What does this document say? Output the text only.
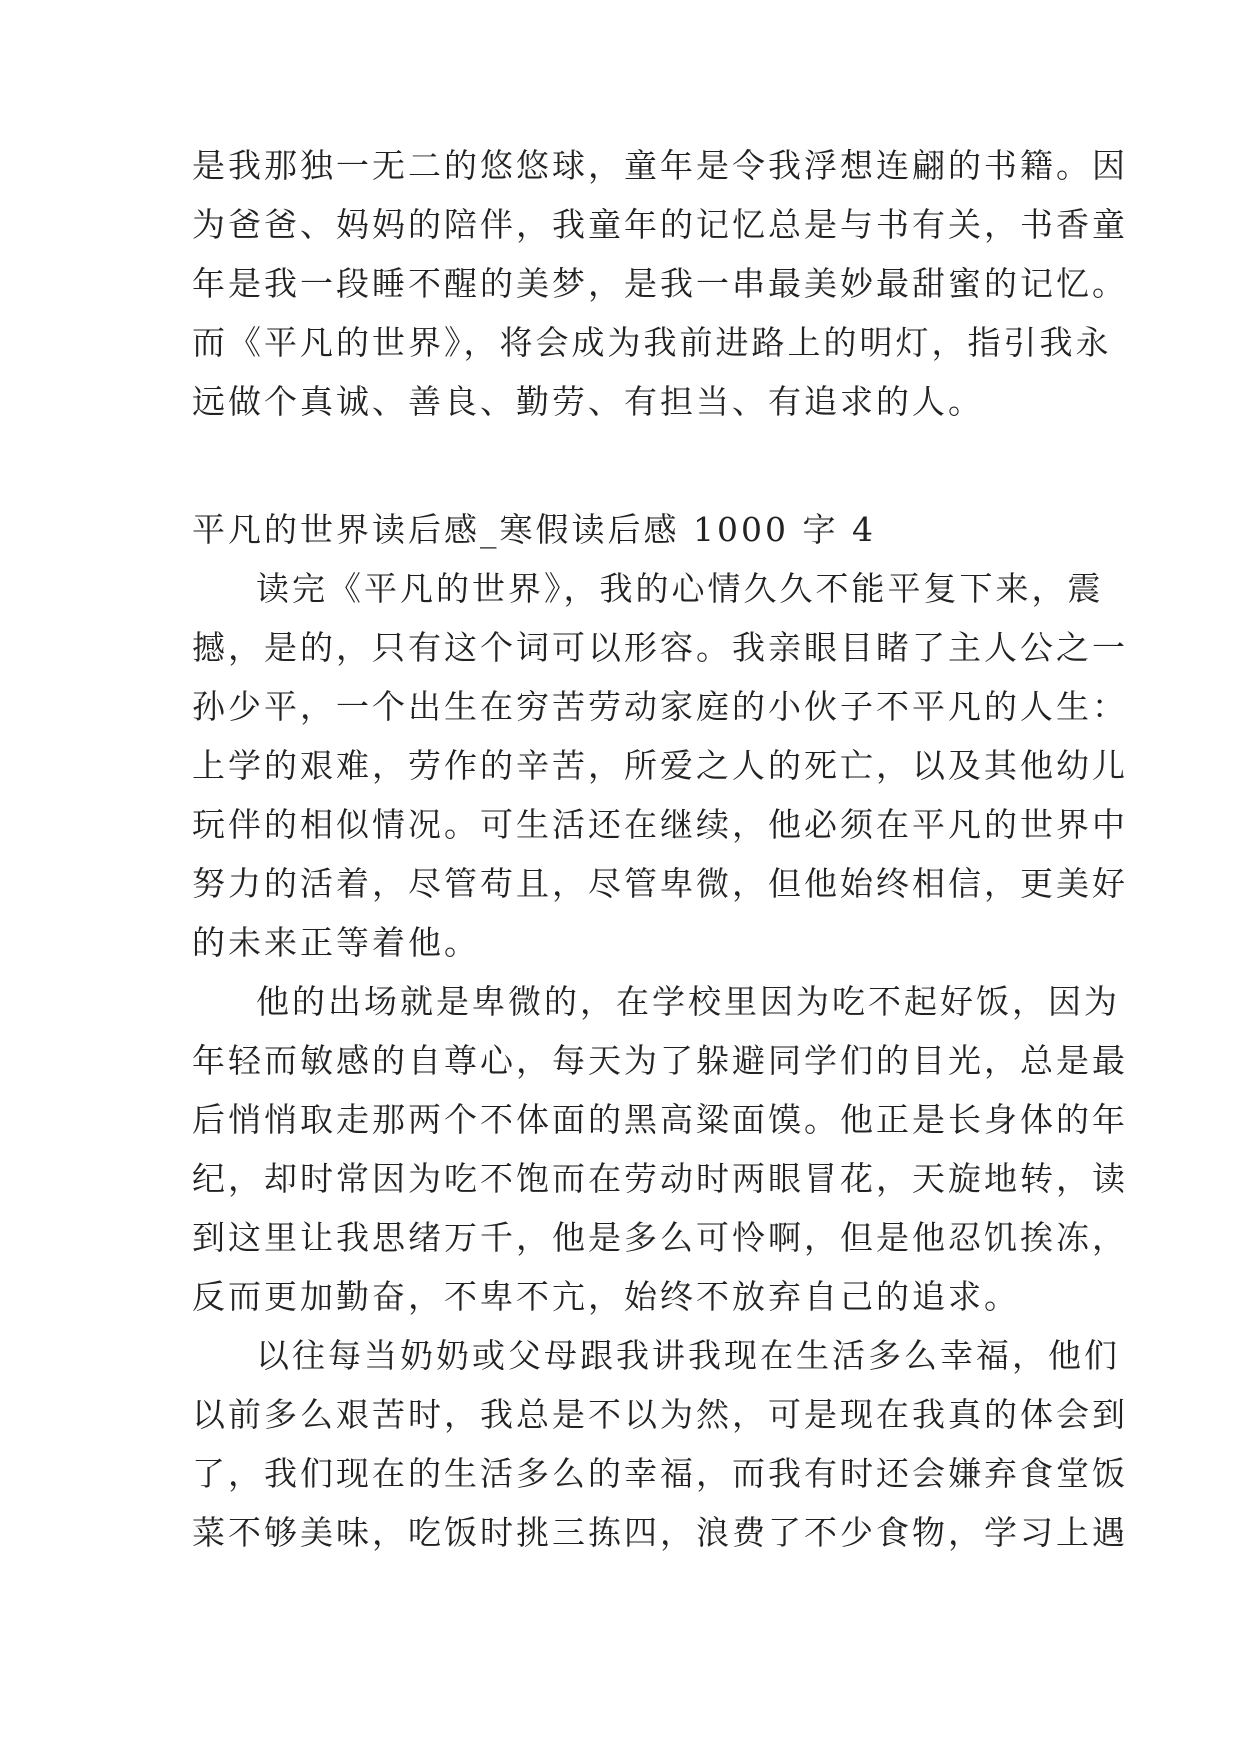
是我那独一无二的悠悠球，童年是令我浮想连翩的书籍。因
为爸爸、妈妈的陪伴，我童年的记忆总是与书有关，书香童
年是我一段睡不醒的美梦，是我一串最美妙最甜蜜的记忆。
而《平凡的世界》，将会成为我前进路上的明灯，指引我永
远做个真诚、善良、勤劳、有担当、有追求的人。
平凡的世界读后感_寒假读后感 1000 字 4
读完《平凡的世界》，我的心情久久不能平复下来，震
撼，是的，只有这个词可以形容。我亲眼目睹了主人公之一
孙少平，一个出生在穷苦劳动家庭的小伙子不平凡的人生：
上学的艰难，劳作的辛苦，所爱之人的死亡，以及其他幼儿
玩伴的相似情况。可生活还在继续，他必须在平凡的世界中
努力的活着，尽管苟且，尽管卑微，但他始终相信，更美好
的未来正等着他。
他的出场就是卑微的，在学校里因为吃不起好饭，因为
年轻而敏感的自尊心，每天为了躲避同学们的目光，总是最
后悄悄取走那两个不体面的黑高粱面馍。他正是长身体的年
纪，却时常因为吃不饱而在劳动时两眼冒花，天旋地转，读
到这里让我思绪万千，他是多么可怜啊，但是他忍饥挨冻，
反而更加勤奋，不卑不亢，始终不放弃自己的追求。
以往每当奶奶或父母跟我讲我现在生活多么幸福，他们
以前多么艰苦时，我总是不以为然，可是现在我真的体会到
了，我们现在的生活多么的幸福，而我有时还会嫌弃食堂饭
菜不够美味，吃饭时挑三拣四，浪费了不少食物，学习上遇
